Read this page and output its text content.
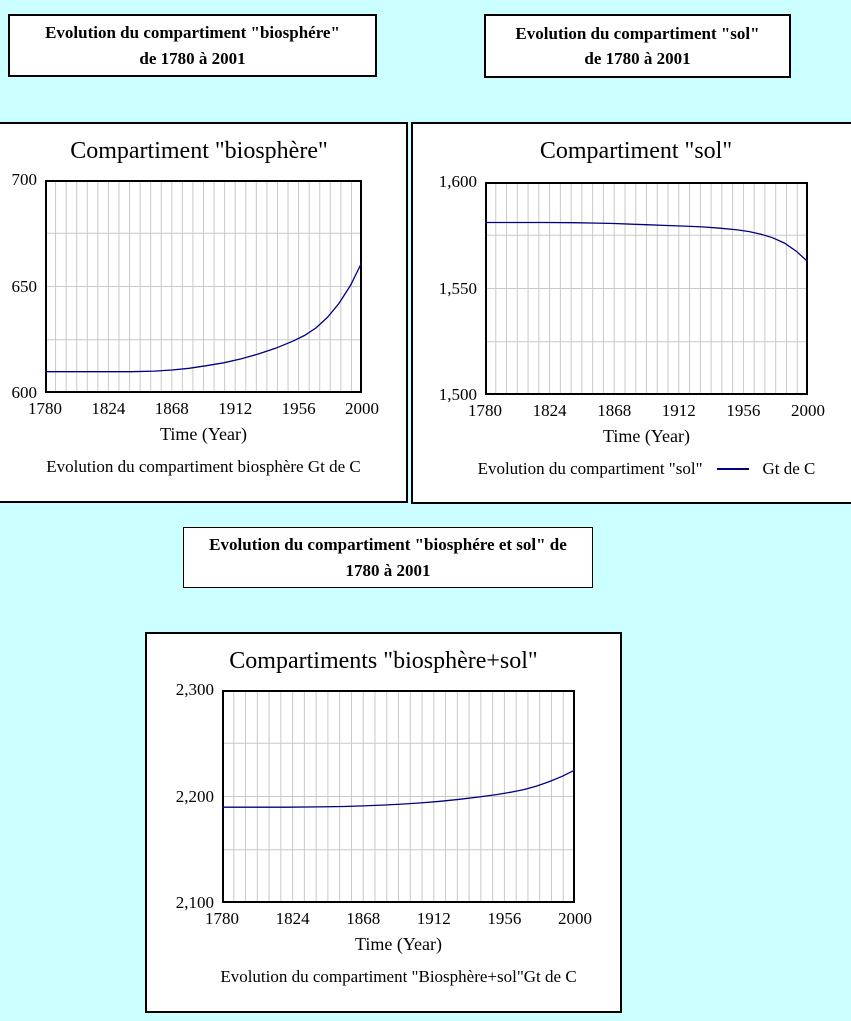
Evolution du compartiment "biosphére"
de 1780 à 2001
Evolution du compartiment "sol"
de 1780 à 2001
Evolution du compartiment "biosphére et sol" de
1780 à 2001
Compartiment "biosphère"
Time (Year)
Evolution du compartiment biosphère Gt de C
700
650
600
1780	1824	1868	1912	1956	2000
Compartiment "sol"
Time (Year)
Evolution du compartiment "sol"	Gt de C
1,600
1,550
1,500
1780	1824	1868	1912	1956	2000
Compartiments "biosphère+sol"
Time (Year)
Evolution du compartiment "Biosphère+sol" Gt de C
2,300
2,200
2,100
1780	1824	1868	1912	1956	2000
